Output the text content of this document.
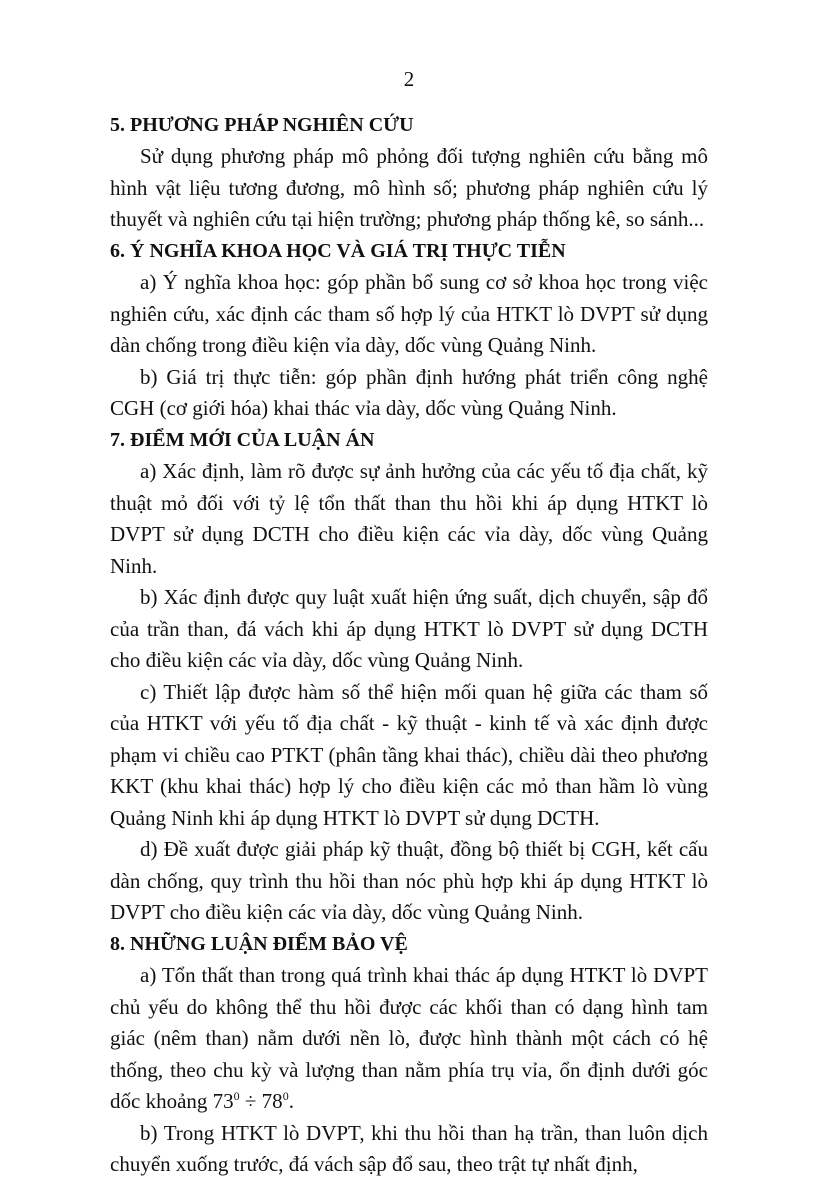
2

5. PHƯƠNG PHÁP NGHIÊN CỨU

Sử dụng phương pháp mô phỏng đối tượng nghiên cứu bằng mô hình vật liệu tương đương, mô hình số; phương pháp nghiên cứu lý thuyết và nghiên cứu tại hiện trường; phương pháp thống kê, so sánh...

6. Ý NGHĨA KHOA HỌC VÀ GIÁ TRỊ THỰC TIỄN

a) Ý nghĩa khoa học: góp phần bổ sung cơ sở khoa học trong việc nghiên cứu, xác định các tham số hợp lý của HTKT lò DVPT sử dụng dàn chống trong điều kiện vỉa dày, dốc vùng Quảng Ninh.

b) Giá trị thực tiễn: góp phần định hướng phát triển công nghệ CGH (cơ giới hóa) khai thác vỉa dày, dốc vùng Quảng Ninh.

7. ĐIỂM MỚI CỦA LUẬN ÁN

a) Xác định, làm rõ được sự ảnh hưởng của các yếu tố địa chất, kỹ thuật mỏ đối với tỷ lệ tổn thất than thu hồi khi áp dụng HTKT lò DVPT sử dụng DCTH cho điều kiện các vỉa dày, dốc vùng Quảng Ninh.

b) Xác định được quy luật xuất hiện ứng suất, dịch chuyển, sập đổ của trần than, đá vách khi áp dụng HTKT lò DVPT sử dụng DCTH cho điều kiện các vỉa dày, dốc vùng Quảng Ninh.

c) Thiết lập được hàm số thể hiện mối quan hệ giữa các tham số của HTKT với yếu tố địa chất - kỹ thuật - kinh tế và xác định được phạm vi chiều cao PTKT (phân tầng khai thác), chiều dài theo phương KKT (khu khai thác) hợp lý cho điều kiện các mỏ than hầm lò vùng Quảng Ninh khi áp dụng HTKT lò DVPT sử dụng DCTH.

d) Đề xuất được giải pháp kỹ thuật, đồng bộ thiết bị CGH, kết cấu dàn chống, quy trình thu hồi than nóc phù hợp khi áp dụng HTKT lò DVPT cho điều kiện các vỉa dày, dốc vùng Quảng Ninh.

8. NHỮNG LUẬN ĐIỂM BẢO VỆ

a) Tổn thất than trong quá trình khai thác áp dụng HTKT lò DVPT chủ yếu do không thể thu hồi được các khối than có dạng hình tam giác (nêm than) nằm dưới nền lò, được hình thành một cách có hệ thống, theo chu kỳ và lượng than nằm phía trụ vỉa, ổn định dưới góc dốc khoảng $73^0 \div 78^0$.

b) Trong HTKT lò DVPT, khi thu hồi than hạ trần, than luôn dịch chuyển xuống trước, đá vách sập đổ sau, theo trật tự nhất định,
